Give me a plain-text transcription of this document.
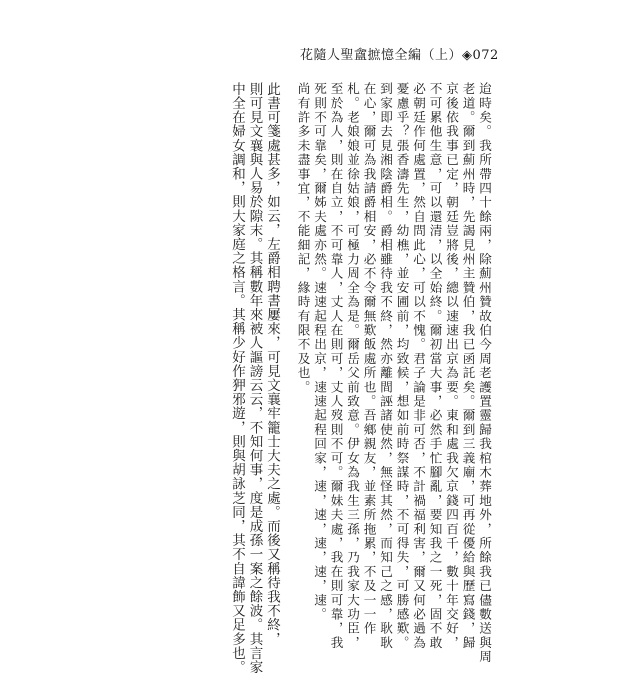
花隨人聖盦摭憶全編（上）◈072
迨時矣。我所帶四十餘兩，除薊州贊故伯今周老護置靈歸我棺木葬地外，所餘我已儘數送與周
老道。爾到薊州時，先謁見州主贊伯，我已函託矣。爾到三義廟，可再從優給與歷寫錢，歸
京後依我事已定，朝廷豈將後，總以速速出京為要。東和處我欠京錢四百千，數十年交好，
不可累他生意，可以還清，以全始終。爾初當大事，必然手忙腳亂，要知我之一死，固不敢
必朝廷作何處置，然自問此心，可以不愧。君子論是非可否，不計禍福利害，爾又何必過為
憂慮乎？張香濤先生，幼樵，並安圃前，均致候，想如前時祭謀時，不可得失，可勝感歎。
到家即去見湘陰爵相。爵相雖待我不終，然亦離間誣諸使然，無怪其然，而知己之感，耿耿
在心，爾可為我請爵相安，必不令爾無歎飯處所也。吾鄉親友，並素所拖累，不及一一作
札。老娘娘並徐姑娘，可極力周全為是。爾岳父前致意。伊女為我生三孫，乃我家大功臣，
至於為人，則在自立，不可靠人，丈人在則可，丈人歿則不可。爾妹夫處，我在則可靠，我
死則不可靠矣，爾姊夫處亦然。速速起程出京，速速起程回家，速，速，速，速，速。
尚有許多未盡事宜，不能細記，緣時有限不及也。
此書可箋處甚多，如云，左爵相聘書屢來，可見文襄牢籠士大夫之處。而後又稱待我不終，
則可見文襄與人易於隙末。其稱數年來被人謳謗云云，不知何事，度是成孫一案之餘波。其言家
中全在婦女調和，則大家庭之格言。其稱少好作狎邪遊，則與胡詠芝同，其不自諱飾又足多也。
